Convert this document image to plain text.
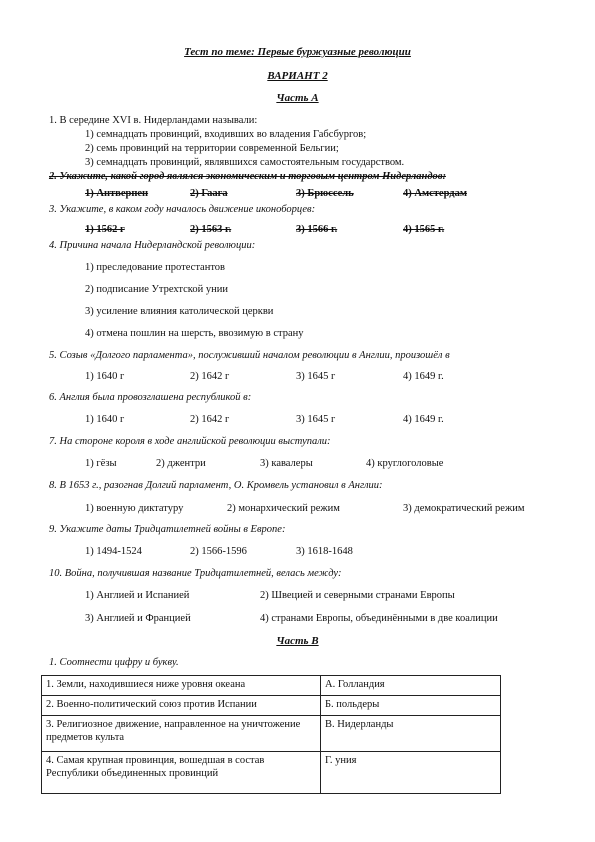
Тест по теме: Первые буржуазные революции
ВАРИАНТ 2
Часть А
1. В середине XVI в. Нидерландами называли:
1) семнадцать провинций, входивших во владения Габсбургов;
2) семь провинций на территории современной Бельгии;
3) семнадцать провинций, являвшихся самостоятельным государством.
2. Укажите, какой город являлся экономическим и торговым центром Нидерландов:
1) Антверпен	2) Гаага	3) Брюссель	4) Амстердам
3. Укажите, в каком году началось движение иконоборцев:
1) 1562 г	2) 1563 г.	3) 1566 г.	4) 1565 г.
4. Причина начала Нидерландской революции:
1) преследование протестантов
2) подписание Утрехтской унии
3) усиление влияния католической церкви
4) отмена пошлин на шерсть, ввозимую в страну
5. Созыв «Долгого парламента», послуживший началом революции в Англии, произошёл в
1) 1640 г	2) 1642 г	3) 1645 г	4) 1649 г.
6. Англия была провозглашена республикой в:
1) 1640 г	2) 1642 г	3) 1645 г	4) 1649 г.
7. На стороне короля в ходе английской революции выступали:
1) гёзы	2) джентри	3) кавалеры	4) круглоголовые
8. В 1653 г., разогнав Долгий парламент, О. Кромвель установил в Англии:
1) военную диктатуру	2) монархический режим	3) демократический режим
9. Укажите даты Тридцатилетней войны в Европе:
1) 1494-1524	2) 1566-1596	3) 1618-1648
10. Война, получившая название Тридцатилетней, велась между:
1) Англией и Испанией	2) Швецией и северными странами Европы
3) Англией и Францией	4) странами Европы, объединёнными в две коалиции
Часть В
1. Соотнести цифру и букву.
1. Земли, находившиеся ниже уровня океана	А. Голландия
2. Военно-политический союз против Испании	Б. польдеры
3. Религиозное движение, направленное на уничтожение предметов культа	В. Нидерланды
4. Самая крупная провинция, вошедшая в состав Республики объединенных провинций	Г. уния
